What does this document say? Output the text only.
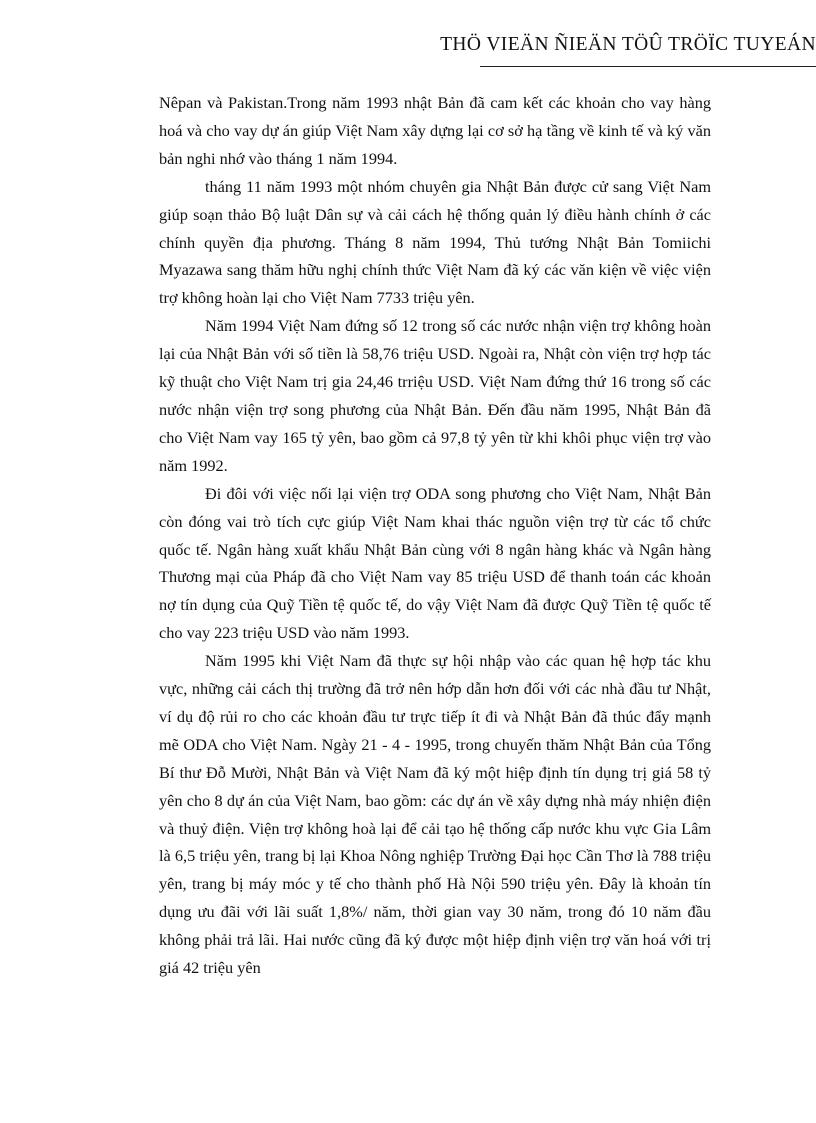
THÖ VIEÄN ÑIEÄN TÖÛ TRÖÏC TUYEÁN

Nêpan và Pakistan.Trong năm 1993 nhật Bản đã cam kết các khoản cho vay hàng hoá và cho vay dự án giúp Việt Nam xây dựng lại cơ sở hạ tầng về kinh tế và ký văn bản nghi nhớ vào tháng 1 năm 1994.

tháng 11 năm 1993 một nhóm chuyên gia Nhật Bản được cử sang Việt Nam giúp soạn thảo Bộ luật Dân sự và cải cách hệ thống quản lý điều hành chính ở các chính quyền địa phương. Tháng 8 năm 1994, Thủ tướng Nhật Bản Tomiichi Myazawa sang thăm hữu nghị chính thức Việt Nam đã ký các văn kiện về việc viện trợ không hoàn lại cho Việt Nam 7733 triệu yên.

Năm 1994 Việt Nam đứng số 12 trong số các nước nhận viện trợ không hoàn lại của Nhật Bản với số tiền là 58,76 triệu USD. Ngoài ra, Nhật còn viện trợ hợp tác kỹ thuật cho Việt Nam trị gia 24,46 trriệu USD. Việt Nam đứng thứ 16 trong số các nước nhận viện trợ song phương của Nhật Bản. Đến đầu năm 1995, Nhật Bản đã cho Việt Nam vay 165 tỷ yên, bao gồm cả 97,8 tỷ yên từ khi khôi phục viện trợ vào năm 1992.

Đi đôi với việc nối lại viện trợ ODA song phương cho Việt Nam, Nhật Bản còn đóng vai trò tích cực giúp Việt Nam khai thác nguồn viện trợ từ các tổ chức quốc tế. Ngân hàng xuất khẩu Nhật Bản cùng với 8 ngân hàng khác và Ngân hàng Thương mại của Pháp đã cho Việt Nam vay 85 triệu USD để thanh toán các khoản nợ tín dụng của Quỹ Tiền tệ quốc tế, do vậy Việt Nam đã được Quỹ Tiền tệ quốc tế cho vay 223 triệu USD vào năm 1993.

Năm 1995 khi Việt Nam đã thực sự hội nhập vào các quan hệ hợp tác khu vực, những cải cách thị trường đã trở nên hớp dẫn hơn đối với các nhà đầu tư Nhật, ví dụ độ rủi ro cho các khoản đầu tư trực tiếp ít đi và Nhật Bản đã thúc đẩy mạnh mẽ ODA cho Việt Nam. Ngày 21 - 4 - 1995, trong chuyến thăm Nhật Bản của Tổng Bí thư Đỗ Mười, Nhật Bản và Việt Nam đã ký một hiệp định tín dụng trị giá 58 tỷ yên cho 8 dự án của Việt Nam, bao gồm: các dự án về xây dựng nhà máy nhiện điện và thuỷ điện. Viện trợ không hoà lại để cải tạo hệ thống cấp nước khu vực Gia Lâm là 6,5 triệu yên, trang bị lại Khoa Nông nghiệp Trường Đại học Cần Thơ là 788 triệu yên, trang bị máy móc y tế cho thành phố Hà Nội 590 triệu yên. Đây là khoản tín dụng ưu đãi với lãi suất 1,8%/ năm, thời gian vay 30 năm, trong đó 10 năm đầu không phải trả lãi. Hai nước cũng đã ký được một hiệp định viện trợ văn hoá với trị giá 42 triệu yên
